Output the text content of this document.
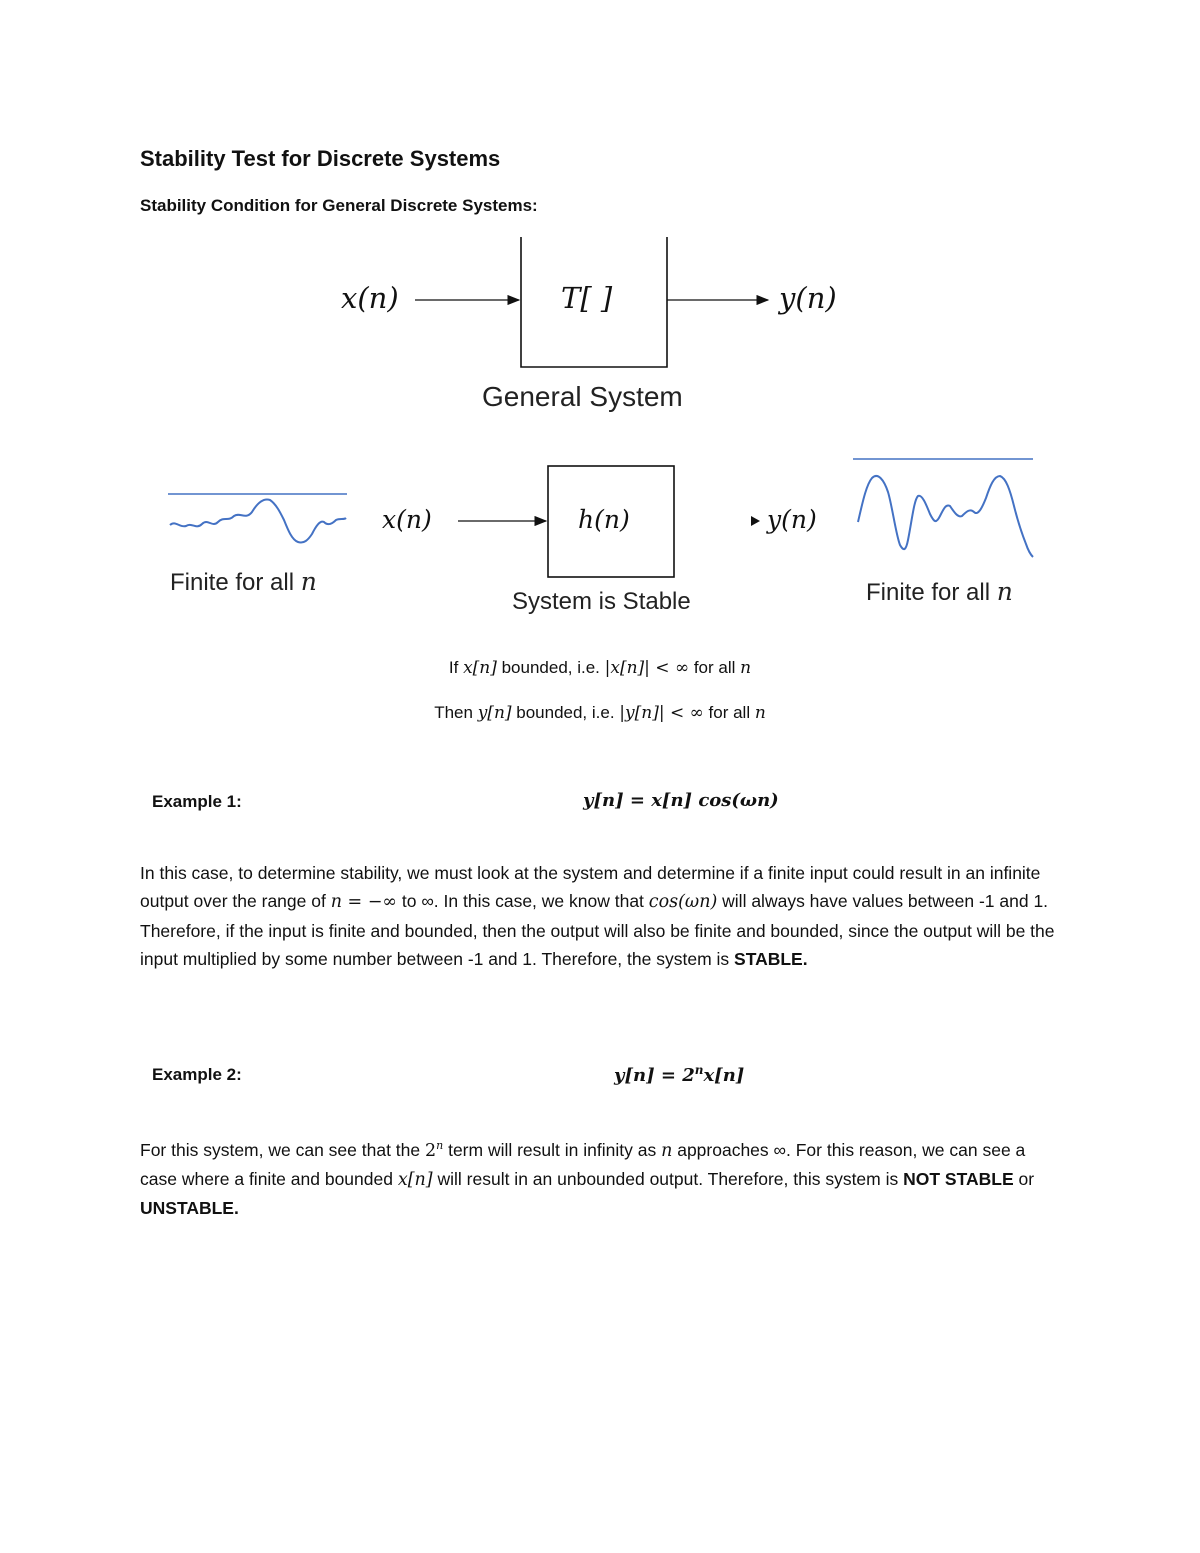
Stability Test for Discrete Systems
Stability Condition for General Discrete Systems:
x(n)	T[ ]	y(n)
General System
x(n)	h(n)	y(n)
System is Stable
Finite for all n	Finite for all n
If x[n] bounded, i.e. |x[n]| < ∞ for all n
Then y[n] bounded, i.e. |y[n]| < ∞ for all n
Example 1:	y[n] = x[n] cos(ωn)
In this case, to determine stability, we must look at the system and determine if a finite input could result in an infinite output over the range of n = −∞ to ∞. In this case, we know that cos(ωn) will always have values between -1 and 1. Therefore, if the input is finite and bounded, then the output will also be finite and bounded, since the output will be the input multiplied by some number between -1 and 1. Therefore, the system is STABLE.
Example 2:	$y[n] = 2^nx[n]$
For this system, we can see that the 2$^n$ term will result in infinity as n approaches ∞. For this reason, we can see a case where a finite and bounded x[n] will result in an unbounded output. Therefore, this system is NOT STABLE or UNSTABLE.
